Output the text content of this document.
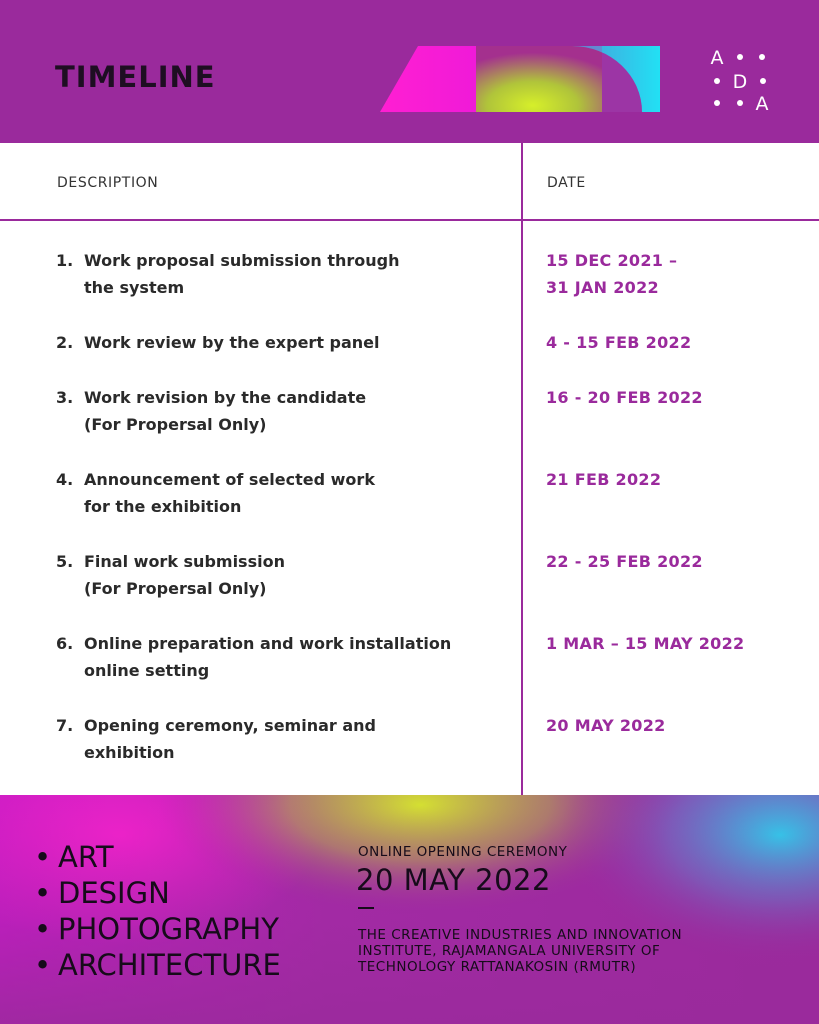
TIMELINE
A
D
A
DESCRIPTION	DATE
1. Work proposal submission through
the system
15 DEC 2021 –
31 JAN 2022
2. Work review by the expert panel	4 - 15 FEB 2022
3. Work revision by the candidate
(For Propersal Only)
16 - 20 FEB 2022
4. Announcement of selected work
for the exhibition
21 FEB 2022
5. Final work submission
(For Propersal Only)
22 - 25 FEB 2022
6. Online preparation and work installation
online setting
1 MAR – 15 MAY 2022
7. Opening ceremony, seminar and
exhibition
20 MAY 2022
• ART
• DESIGN
• PHOTOGRAPHY
• ARCHITECTURE
ONLINE OPENING CEREMONY
20 MAY 2022
THE CREATIVE INDUSTRIES AND INNOVATION
INSTITUTE, RAJAMANGALA UNIVERSITY OF
TECHNOLOGY RATTANAKOSIN (RMUTR)
